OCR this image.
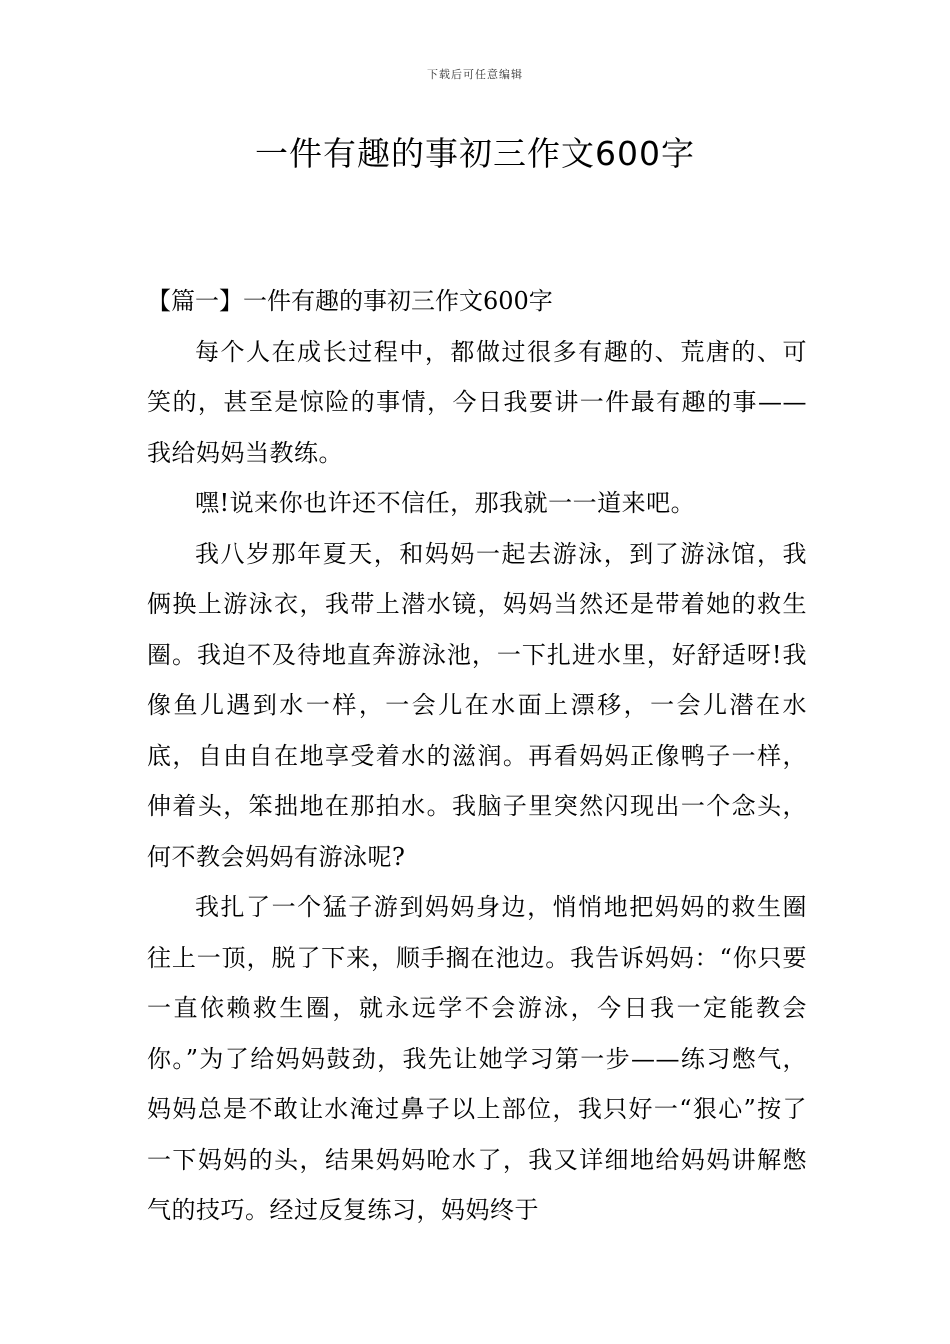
下载后可任意编辑
一件有趣的事初三作文600字

【篇一】一件有趣的事初三作文600字

每个人在成长过程中，都做过很多有趣的、荒唐的、可笑的，甚至是惊险的事情，今日我要讲一件最有趣的事——我给妈妈当教练。

嘿!说来你也许还不信任，那我就一一道来吧。

我八岁那年夏天，和妈妈一起去游泳，到了游泳馆，我俩换上游泳衣，我带上潜水镜，妈妈当然还是带着她的救生圈。我迫不及待地直奔游泳池，一下扎进水里，好舒适呀!我像鱼儿遇到水一样，一会儿在水面上漂移，一会儿潜在水底，自由自在地享受着水的滋润。再看妈妈正像鸭子一样，伸着头，笨拙地在那拍水。我脑子里突然闪现出一个念头，何不教会妈妈有游泳呢?

我扎了一个猛子游到妈妈身边，悄悄地把妈妈的救生圈往上一顶，脱了下来，顺手搁在池边。我告诉妈妈：“你只要一直依赖救生圈，就永远学不会游泳，今日我一定能教会你。”为了给妈妈鼓劲，我先让她学习第一步——练习憋气，妈妈总是不敢让水淹过鼻子以上部位，我只好一“狠心”按了一下妈妈的头，结果妈妈呛水了，我又详细地给妈妈讲解憋气的技巧。经过反复练习，妈妈终于
